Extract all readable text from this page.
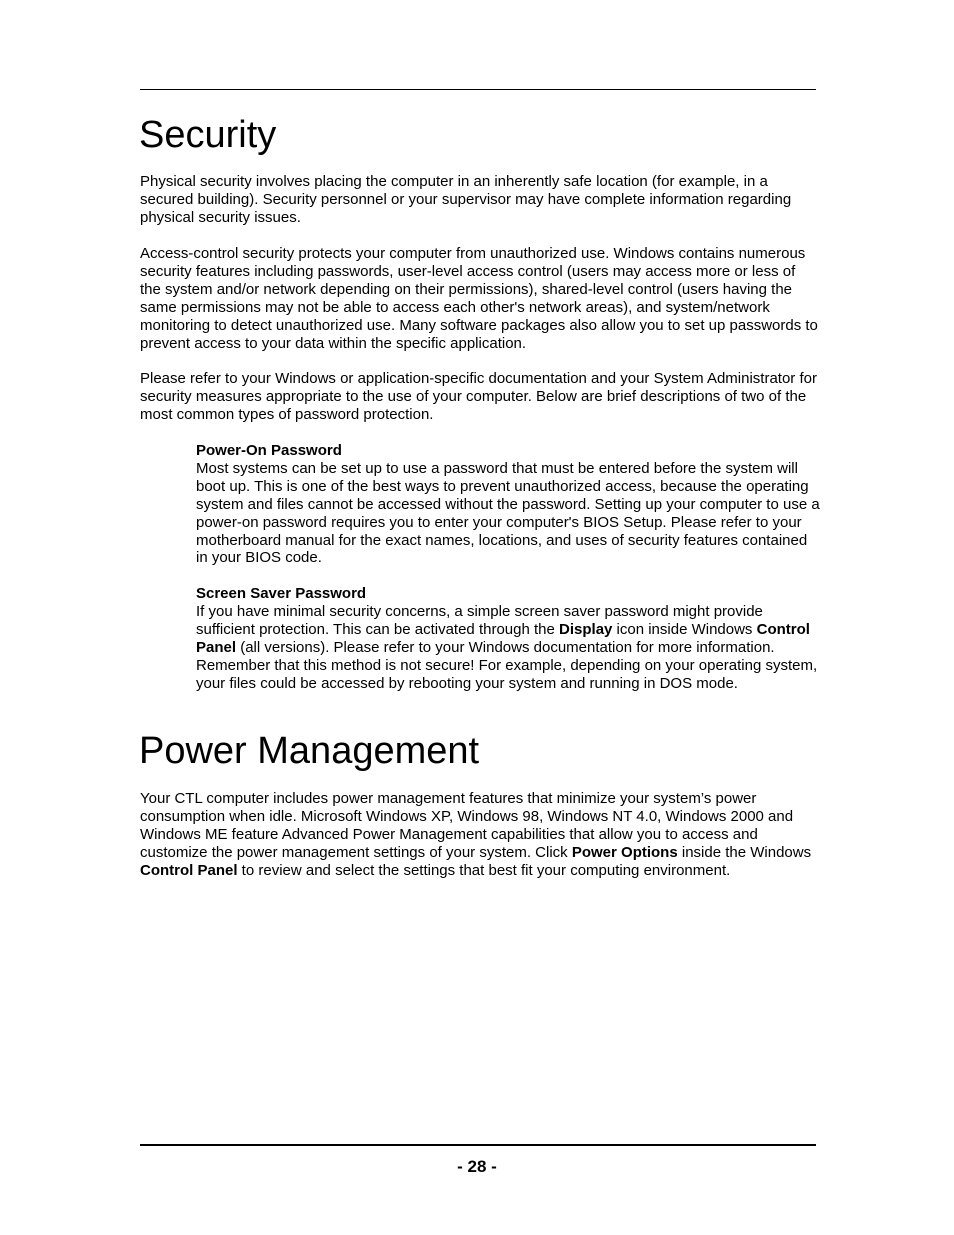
Security

Physical security involves placing the computer in an inherently safe location (for example, in a secured building). Security personnel or your supervisor may have complete information regarding physical security issues.

Access-control security protects your computer from unauthorized use. Windows contains numerous security features including passwords, user-level access control (users may access more or less of the system and/or network depending on their permissions), shared-level control (users having the same permissions may not be able to access each other's network areas), and system/network monitoring to detect unauthorized use. Many software packages also allow you to set up passwords to prevent access to your data within the specific application.

Please refer to your Windows or application-specific documentation and your System Administrator for security measures appropriate to the use of your computer. Below are brief descriptions of two of the most common types of password protection.

Power-On Password
Most systems can be set up to use a password that must be entered before the system will boot up. This is one of the best ways to prevent unauthorized access, because the operating system and files cannot be accessed without the password. Setting up your computer to use a power-on password requires you to enter your computer's BIOS Setup. Please refer to your motherboard manual for the exact names, locations, and uses of security features contained in your BIOS code.
Screen Saver Password
If you have minimal security concerns, a simple screen saver password might provide sufficient protection. This can be activated through the Display icon inside Windows Control Panel (all versions). Please refer to your Windows documentation for more information. Remember that this method is not secure! For example, depending on your operating system, your files could be accessed by rebooting your system and running in DOS mode.
Power Management

Your CTL computer includes power management features that minimize your system’s power consumption when idle. Microsoft Windows XP, Windows 98, Windows NT 4.0, Windows 2000 and Windows ME feature Advanced Power Management capabilities that allow you to access and customize the power management settings of your system. Click Power Options inside the Windows Control Panel to review and select the settings that best fit your computing environment.

- 28 -
